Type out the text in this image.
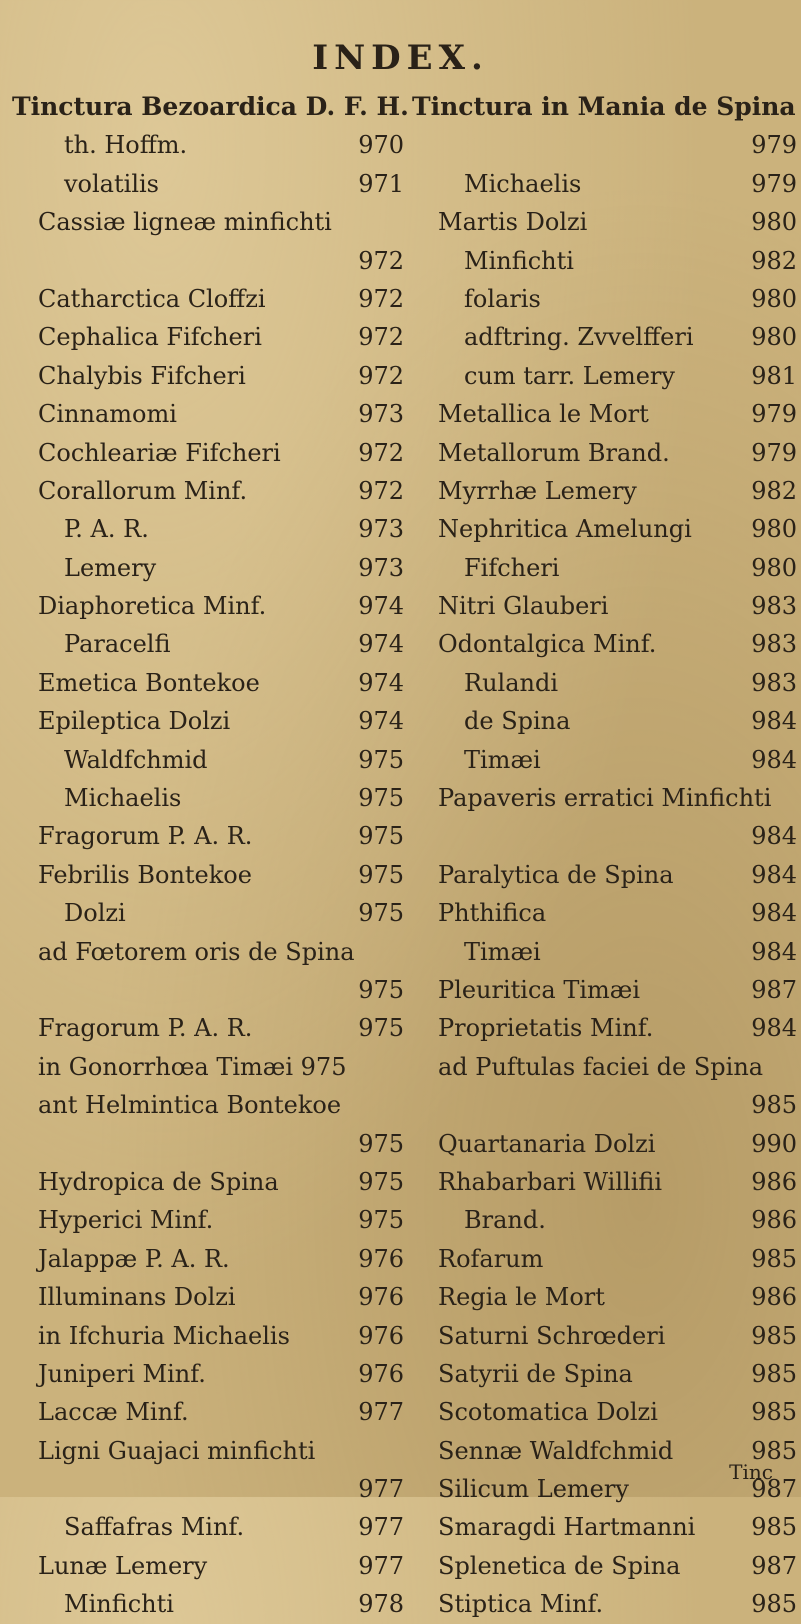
INDEX.
Tinctura Bezoardica D. F. H.
th. Hoffm.	970
volatilis	971
Cassiæ ligneæ minfichti
972
Catharctica Cloffzi	972
Cephalica Fifcheri	972
Chalybis Fifcheri	972
Cinnamomi	973
Cochleariæ Fifcheri	972
Corallorum Minf.	972
P. A. R.	973
Lemery	973
Diaphoretica Minf.	974
Paracelfi	974
Emetica Bontekoe	974
Epileptica Dolzi	974
Waldfchmid	975
Michaelis	975
Fragorum P. A. R.	975
Febrilis Bontekoe	975
Dolzi	975
ad Fœtorem oris de Spina
975
Fragorum P. A. R.	975
in Gonorrhœa Timæi 975
ant Helmintica Bontekoe
975
Hydropica de Spina	975
Hyperici Minf.	975
Jalappæ P. A. R.	976
Illuminans Dolzi	976
in Ifchuria Michaelis	976
Juniperi Minf.	976
Laccæ Minf.	977
Ligni Guajaci minfichti
977
Saffafras Minf.	977
Lunæ Lemery	977
Minfichti	978
Tinctura in Mania de Spina
979
Michaelis	979
Martis Dolzi	980
Minfichti	982
folaris	980
adftring. Zvvelfferi 980
cum tarr. Lemery	981
Metallica le Mort	979
Metallorum Brand.	979
Myrrhæ Lemery	982
Nephritica Amelungi 980
Fifcheri	980
Nitri Glauberi	983
Odontalgica Minf.	983
Rulandi	983
de Spina	984
Timæi	984
Papaveris erratici Minfichti
984
Paralytica de Spina	984
Phthifica	984
Timæi	984
Pleuritica Timæi	987
Proprietatis Minf.	984
ad Puftulas faciei de Spina
985
Quartanaria Dolzi	990
Rhabarbari Willifii	986
Brand.	986
Rofarum	985
Regia le Mort	986
Saturni Schrœderi	985
Satyrii de Spina	985
Scotomatica Dolzi	985
Sennæ Waldfchmid	985
Silicum Lemery	987
Smaragdi Hartmanni 985
Splenetica de Spina	987
Stiptica Minf.	985
Tinc
